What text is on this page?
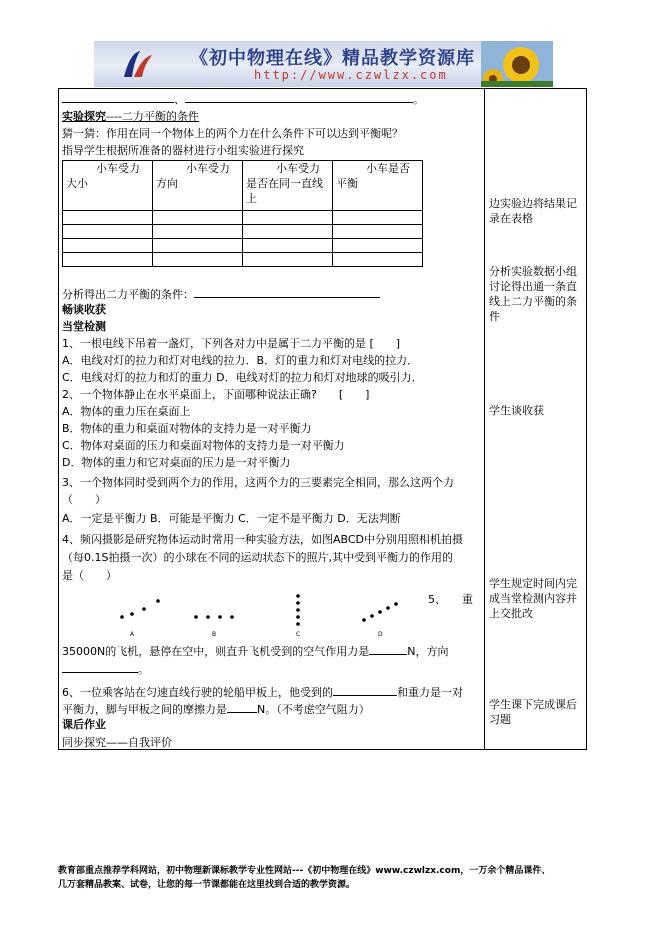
《初中物理在线》精品教学资源库
http://www.czwlzx.com
、	。
实验探究----二力平衡的条件
猜一猜：作用在同一个物体上的两个力在什么条件下可以达到平衡呢？
指导学生根据所准备的器材进行小组实验进行探究
小车受力大小	小车受力方向	小车受力是否在同一直线上	小车是否平衡

分析得出二力平衡的条件：
畅谈收获
当堂检测
1、一根电线下吊着一盏灯，下列各对力中是属于二力平衡的是 [　　]
A．电线对灯的拉力和灯对电线的拉力．B．灯的重力和灯对电线的拉力．
C．电线对灯的拉力和灯的重力 D．电线对灯的拉力和灯对地球的吸引力．
2、一个物体静止在水平桌面上，下面哪种说法正确?　　[　　]
A．物体的重力压在桌面上
B．物体的重力和桌面对物体的支持力是一对平衡力
C．物体对桌面的压力和桌面对物体的支持力是一对平衡力
D．物体的重力和它对桌面的压力是一对平衡力
3、一个物体同时受到两个力的作用，这两个力的三要素完全相同，那么这两个力
（　　）
A．一定是平衡力 B．可能是平衡力 C．一定不是平衡力 D．无法判断
4、频闪摄影是研究物体运动时常用一种实验方法，如图ABCD中分别用照相机拍摄
（每0.1S拍摄一次）的小球在不同的运动状态下的照片,其中受到平衡力的作用的
是（　　）
A	B	C	D
5、 重
35000N的飞机，悬停在空中，则直升飞机受到的空气作用力是	N，方向
。
6、一位乘客站在匀速直线行驶的轮船甲板上，他受到的	和重力是一对
平衡力，脚与甲板之间的摩擦力是	N。（不考虑空气阻力）
课后作业
同步探究——自我评价
边实验边将结果记录在表格
分析实验数据小组讨论得出通一条直线上二力平衡的条件
学生谈收获
学生规定时间内完成当堂检测内容并上交批改
学生课下完成课后习题
教育部重点推荐学科网站，初中物理新课标教学专业性网站---《初中物理在线》www.czwlzx.com，一万余个精品课件、
几万套精品教案、试卷，让您的每一节课都能在这里找到合适的教学资源。
